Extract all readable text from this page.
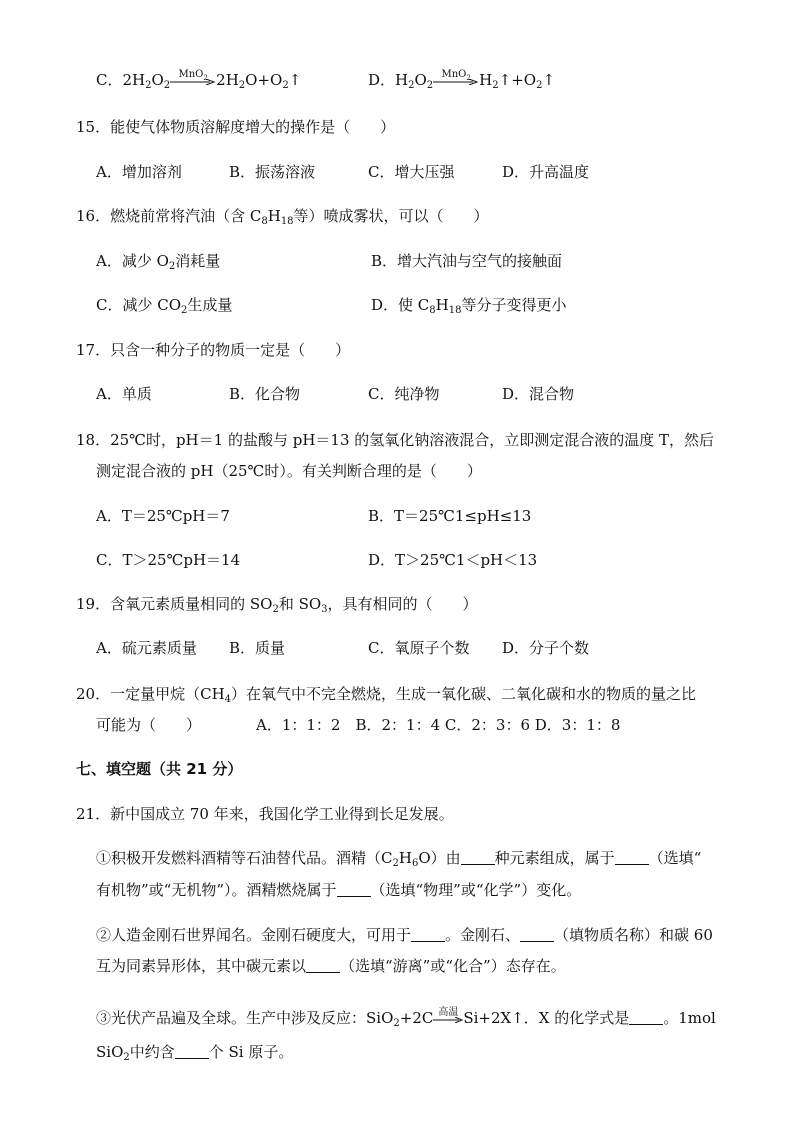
C．$2H_2O_2$
MnO$_2$ $2H_2O+O_2↑$	D．$H_2O_2$
MnO$_2$ $H_2↑+O_2↑$
15．能使气体物质溶解度增大的操作是（　　）
A．增加溶剂	B．振荡溶液	C．增大压强	D．升高温度
16．燃烧前常将汽油（含 $C_8H_{18}$等）喷成雾状，可以（　　）
A．减少 $O_2$消耗量	B．增大汽油与空气的接触面
C．减少 $CO_2$生成量	D．使 $C_8H_{18}$等分子变得更小
17．只含一种分子的物质一定是（　　）
A．单质	B．化合物	C．纯净物	D．混合物
18．25℃时，pH＝1 的盐酸与 pH＝13 的氢氧化钠溶液混合，立即测定混合液的温度 T，然后
测定混合液的 pH（25℃时）。有关判断合理的是（　　）
A．T＝25℃pH＝7	B．T＝25℃1≤pH≤13
C．T＞25℃pH＝14	D．T＞25℃1＜pH＜13
19．含氧元素质量相同的 $SO_2$和 $SO_3$，具有相同的（　　）
A．硫元素质量 B．质量	C．氧原子个数 D．分子个数
20．一定量甲烷$(CH_4)$在氧气中不完全燃烧，生成一氧化碳、二氧化碳和水的物质的量之比
可能为（　　）	A．1：1：2　B．2：1：4 C．2：3：6 D．3：1：8
七、填空题（共 21 分）
21．新中国成立 70 年来，我国化学工业得到长足发展。
①积极开发燃料酒精等石油替代品。酒精$(C_2H_6O)$由 种元素组成，属于 （选填“
有机物”或“无机物”）。酒精燃烧属于 （选填“物理”或“化学”）变化。
②人造金刚石世界闻名。金刚石硬度大，可用于 。金刚石、 （填物质名称）和碳 60
互为同素异形体，其中碳元素以 （选填“游离”或“化合”）态存在。
③光伏产品遍及全球。生产中涉及反应：SiO$_2$+2C 高温 Si+2X↑．X 的化学式是 。1mol
SiO$_2$中约含 个 Si 原子。
